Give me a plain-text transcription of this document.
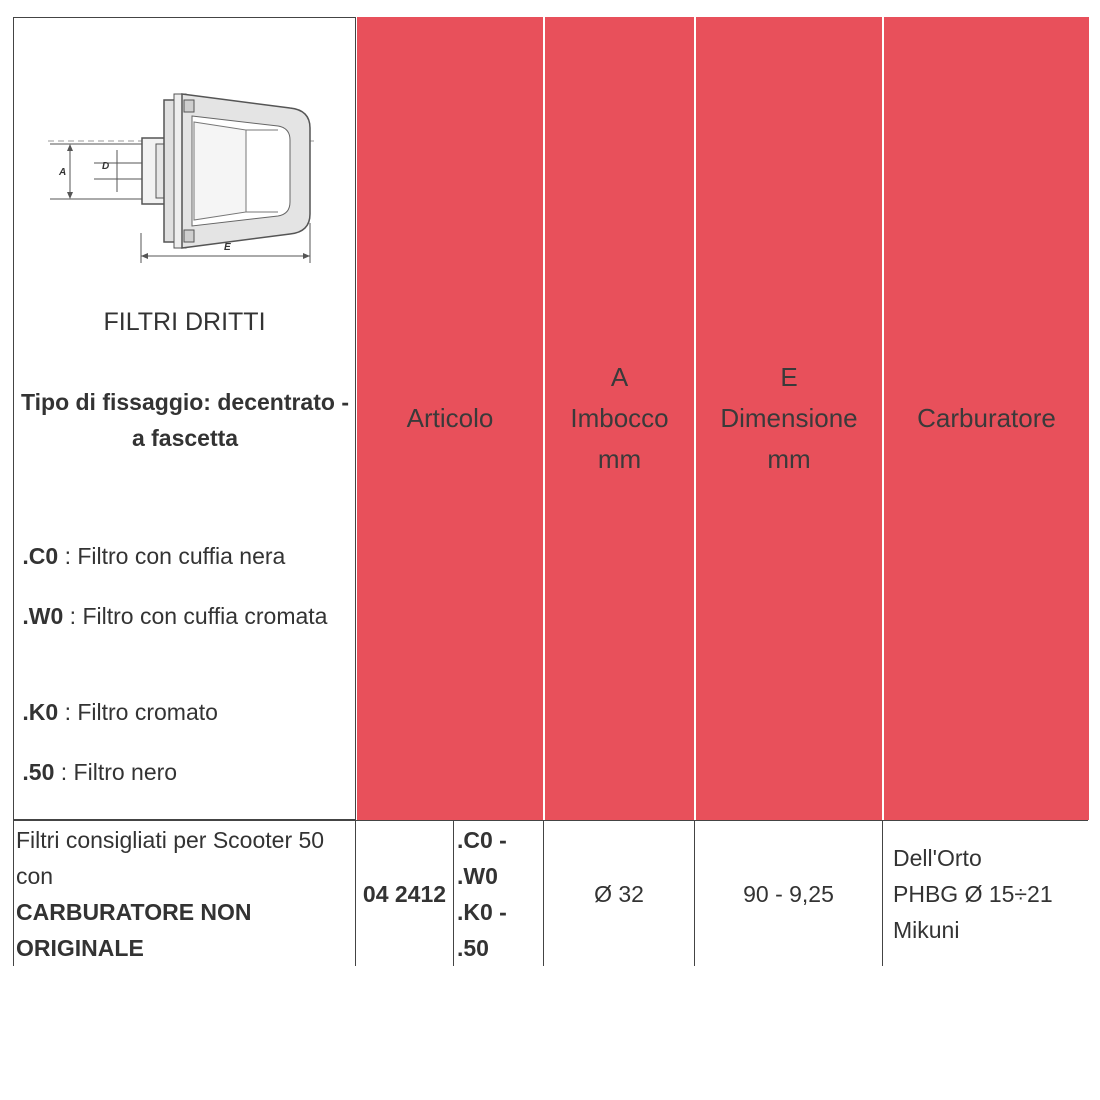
A
D
E
FILTRI DRITTI
Tipo di fissaggio: decentrato - a fascetta
.C0 : Filtro con cuffia nera
.W0 : Filtro con cuffia cromata
.K0 : Filtro cromato
.50 : Filtro nero
Articolo
A
Imbocco
mm
E
Dimensione
mm
Carburatore
Filtri consigliati per Scooter 50 con
CARBURATORE NON ORIGINALE
04 2412
.C0 -
.W0
.K0 -
.50
Ø 32	90 - 9,25
Dell'Orto
PHBG Ø 15÷21
Mikuni
